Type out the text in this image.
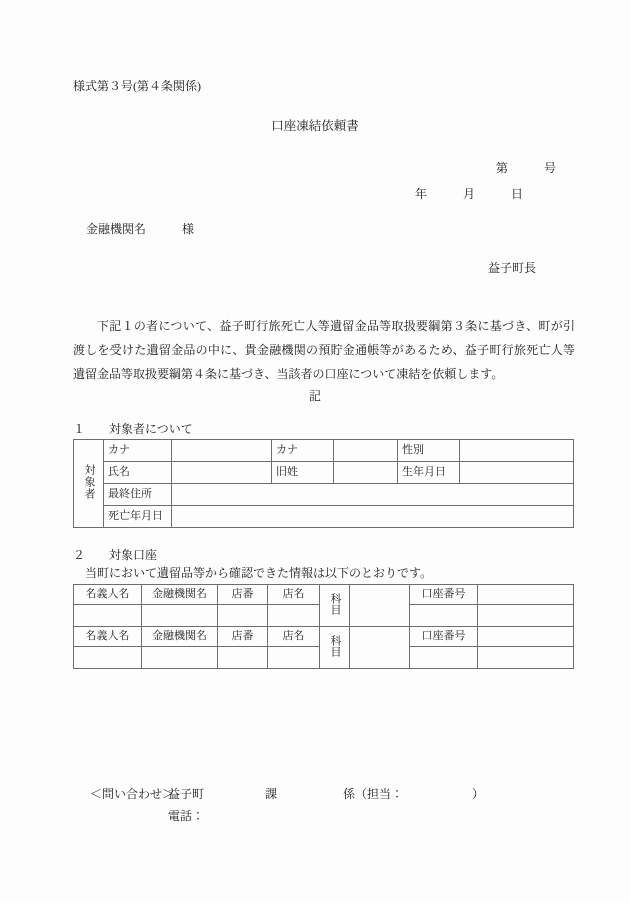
様式第３号(第４条関係)
口座凍結依頼書
第　　　号
年　　　月　　　日
金融機関名　　　様
益子町長
下記１の者について、益子町行旅死亡人等遺留金品等取扱要綱第３条に基づき、町が引渡しを受けた遺留金品の中に、貴金融機関の預貯金通帳等があるため、益子町行旅死亡人等遺留金品等取扱要綱第４条に基づき、当該者の口座について凍結を依頼します。
記
１　　対象者について
対象者	カナ		カナ		性別	
	氏名		旧姓		生年月日	
	最終住所					
	死亡年月日					
２　　対象口座
当町において遺留品等から確認できた情報は以下のとおりです。
名義人名	金融機関名	店番	店名	科目		口座番号	

名義人名	金融機関名	店番	店名	科目		口座番号	

＜問い合わせ＞
益子町	課	係（担当：	）
電話：
